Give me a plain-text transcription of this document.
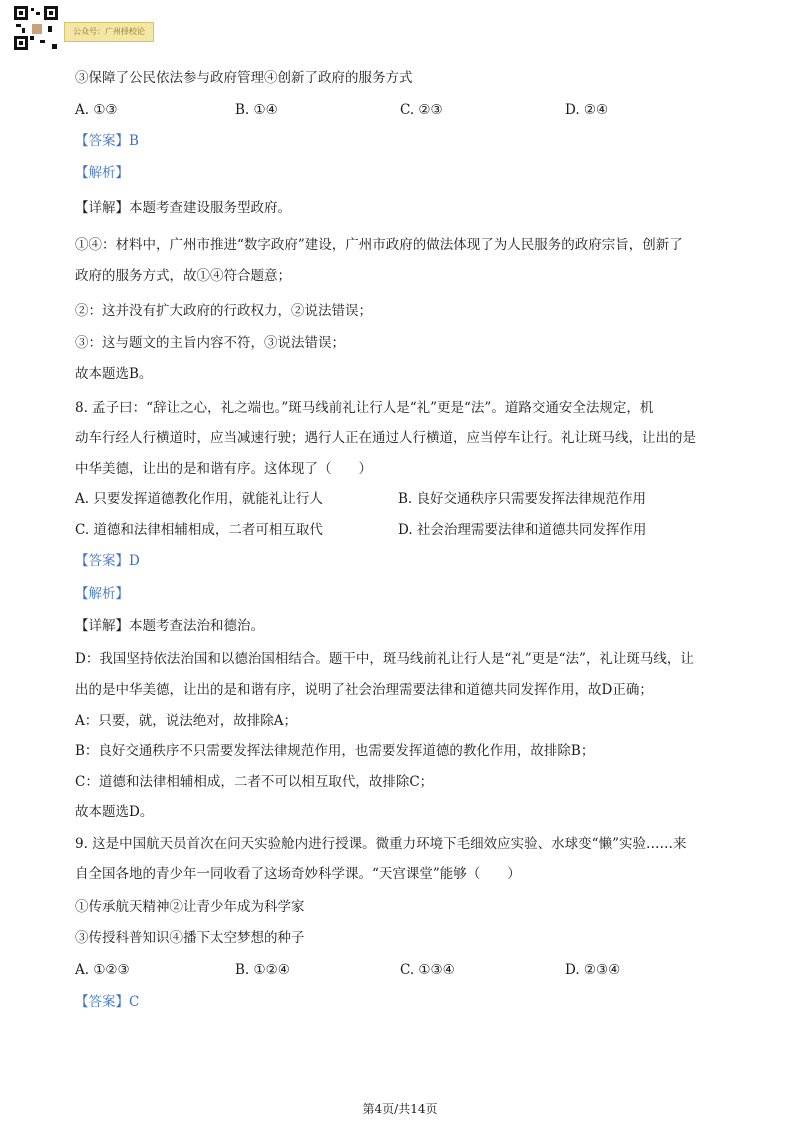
公众号：广州择校论
③保障了公民依法参与政府管理④创新了政府的服务方式
A. ①③	B. ①④	C. ②③	D. ②④
【答案】B
【解析】
【详解】本题考查建设服务型政府。
①④：材料中，广州市推进“数字政府”建设，广州市政府的做法体现了为人民服务的政府宗旨，创新了
政府的服务方式，故①④符合题意；
②：这并没有扩大政府的行政权力，②说法错误；
③：这与题文的主旨内容不符，③说法错误；
故本题选B。
8. 孟子曰：“辞让之心，礼之端也。”斑马线前礼让行人是“礼”更是“法”。道路交通安全法规定，机
动车行经人行横道时，应当减速行驶；遇行人正在通过人行横道，应当停车让行。礼让斑马线，让出的是
中华美德，让出的是和谐有序。这体现了（　　）
A. 只要发挥道德教化作用，就能礼让行人	B. 良好交通秩序只需要发挥法律规范作用
C. 道德和法律相辅相成，二者可相互取代	D. 社会治理需要法律和道德共同发挥作用
【答案】D
【解析】
【详解】本题考查法治和德治。
D：我国坚持依法治国和以德治国相结合。题干中，斑马线前礼让行人是“礼”更是“法”，礼让斑马线，让
出的是中华美德，让出的是和谐有序，说明了社会治理需要法律和道德共同发挥作用，故D正确；
A：只要，就，说法绝对，故排除A；
B：良好交通秩序不只需要发挥法律规范作用，也需要发挥道德的教化作用，故排除B；
C：道德和法律相辅相成，二者不可以相互取代，故排除C；
故本题选D。
9. 这是中国航天员首次在问天实验舱内进行授课。微重力环境下毛细效应实验、水球变“懒”实验……来
自全国各地的青少年一同收看了这场奇妙科学课。“天宫课堂”能够（　　）
①传承航天精神②让青少年成为科学家
③传授科普知识④播下太空梦想的种子
A. ①②③	B. ①②④	C. ①③④	D. ②③④
【答案】C
第4页/共14页
